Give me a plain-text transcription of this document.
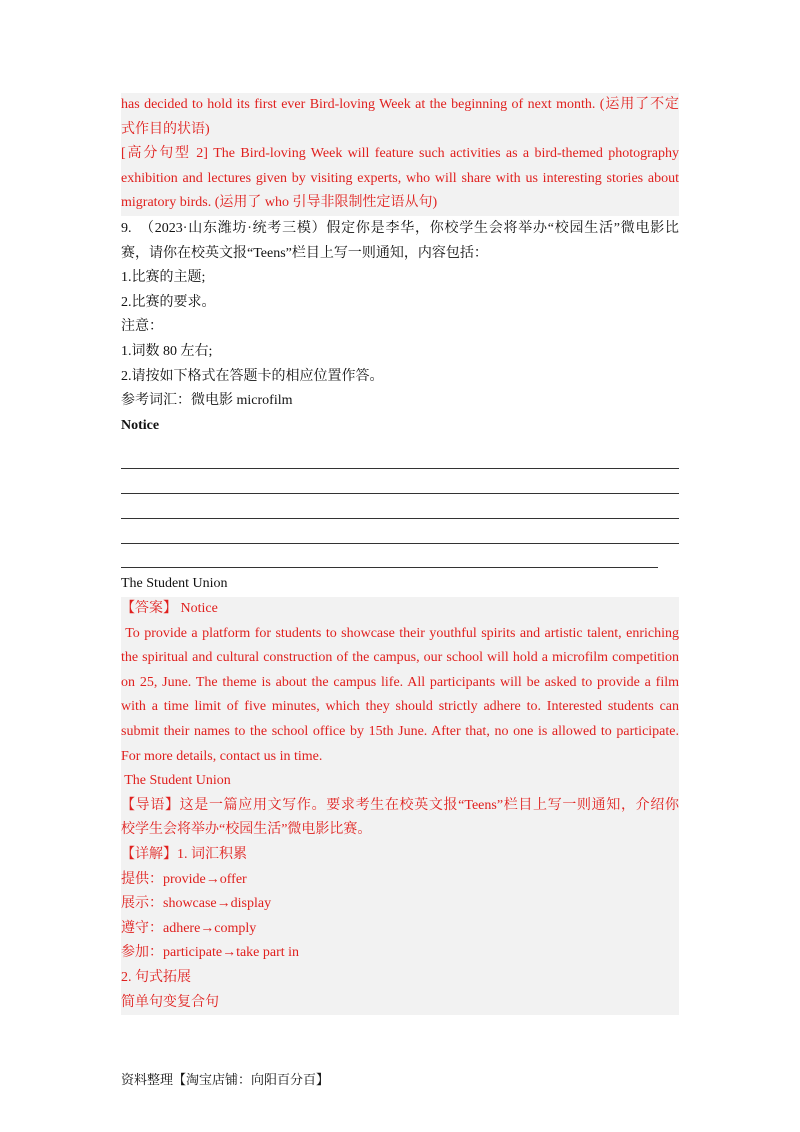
has decided to hold its first ever Bird-loving Week at the beginning of next month. (运用了不定

式作目的状语)

[高分句型 2] The Bird-loving Week will feature such activities as a bird-themed photography

exhibition and lectures given by visiting experts, who will share with us interesting stories about

migratory birds. (运用了 who 引导非限制性定语从句)

9.　（2023·山东潍坊·统考三模）假定你是李华，你校学生会将举办“校园生活”微电影比

赛，请你在校英文报“Teens”栏目上写一则通知，内容包括：

1.比赛的主题;

2.比赛的要求。

注意：

1.词数 80 左右;

2.请按如下格式在答题卡的相应位置作答。

参考词汇：微电影 microfilm

Notice

The Student Union

【答案】 Notice

To provide a platform for students to showcase their youthful spirits and artistic talent, enriching

the spiritual and cultural construction of the campus, our school will hold a microfilm competition

on 25, June. The theme is about the campus life. All participants will be asked to provide a film

with a time limit of five minutes, which they should strictly adhere to. Interested students can

submit their names to the school office by 15th June. After that, no one is allowed to participate.

For more details, contact us in time.

The Student Union

【导语】这是一篇应用文写作。要求考生在校英文报“Teens”栏目上写一则通知，介绍你

校学生会将举办“校园生活”微电影比赛。

【详解】1. 词汇积累

提供：provide→offer

展示：showcase→display

遵守：adhere→comply

参加：participate→take part in

2. 句式拓展

简单句变复合句

资料整理【淘宝店铺：向阳百分百】
